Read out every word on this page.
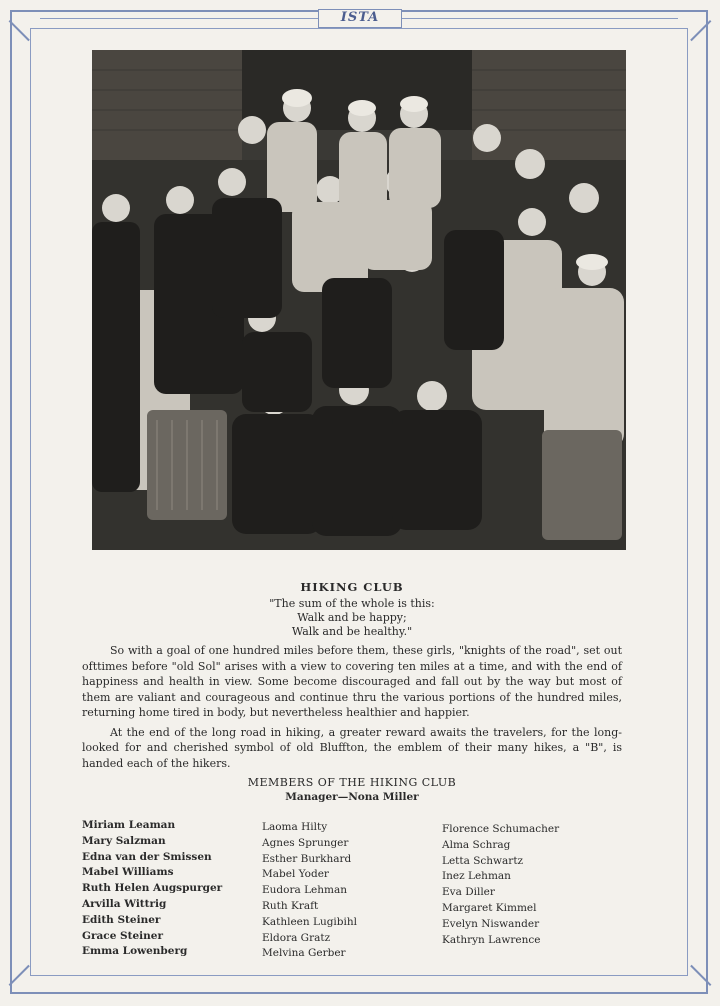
ISTA
HIKING CLUB

"The sum of the whole is this:

Walk and be happy;

Walk and be healthy."

So with a goal of one hundred miles before them, these girls, "knights of the road", set out ofttimes before "old Sol" arises with a view to covering ten miles at a time, and with the end of happiness and health in view. Some become discouraged and fall out by the way but most of them are valiant and courageous and continue thru the various portions of the hundred miles, returning home tired in body, but nevertheless healthier and happier.

At the end of the long road in hiking, a greater reward awaits the travelers, for the long-looked for and cherished symbol of old Bluffton, the emblem of their many hikes, a "B", is handed each of the hikers.

MEMBERS OF THE HIKING CLUB
Manager—Nona Miller
Miriam Leaman
Mary Salzman
Edna van der Smissen
Mabel Williams
Ruth Helen Augspurger
Arvilla Wittrig
Edith Steiner
Grace Steiner
Emma Lowenberg
Laoma Hilty
Agnes Sprunger
Esther Burkhard
Mabel Yoder
Eudora Lehman
Ruth Kraft
Kathleen Lugibihl
Eldora Gratz
Melvina Gerber
Florence Schumacher
Alma Schrag
Letta Schwartz
Inez Lehman
Eva Diller
Margaret Kimmel
Evelyn Niswander
Kathryn Lawrence
